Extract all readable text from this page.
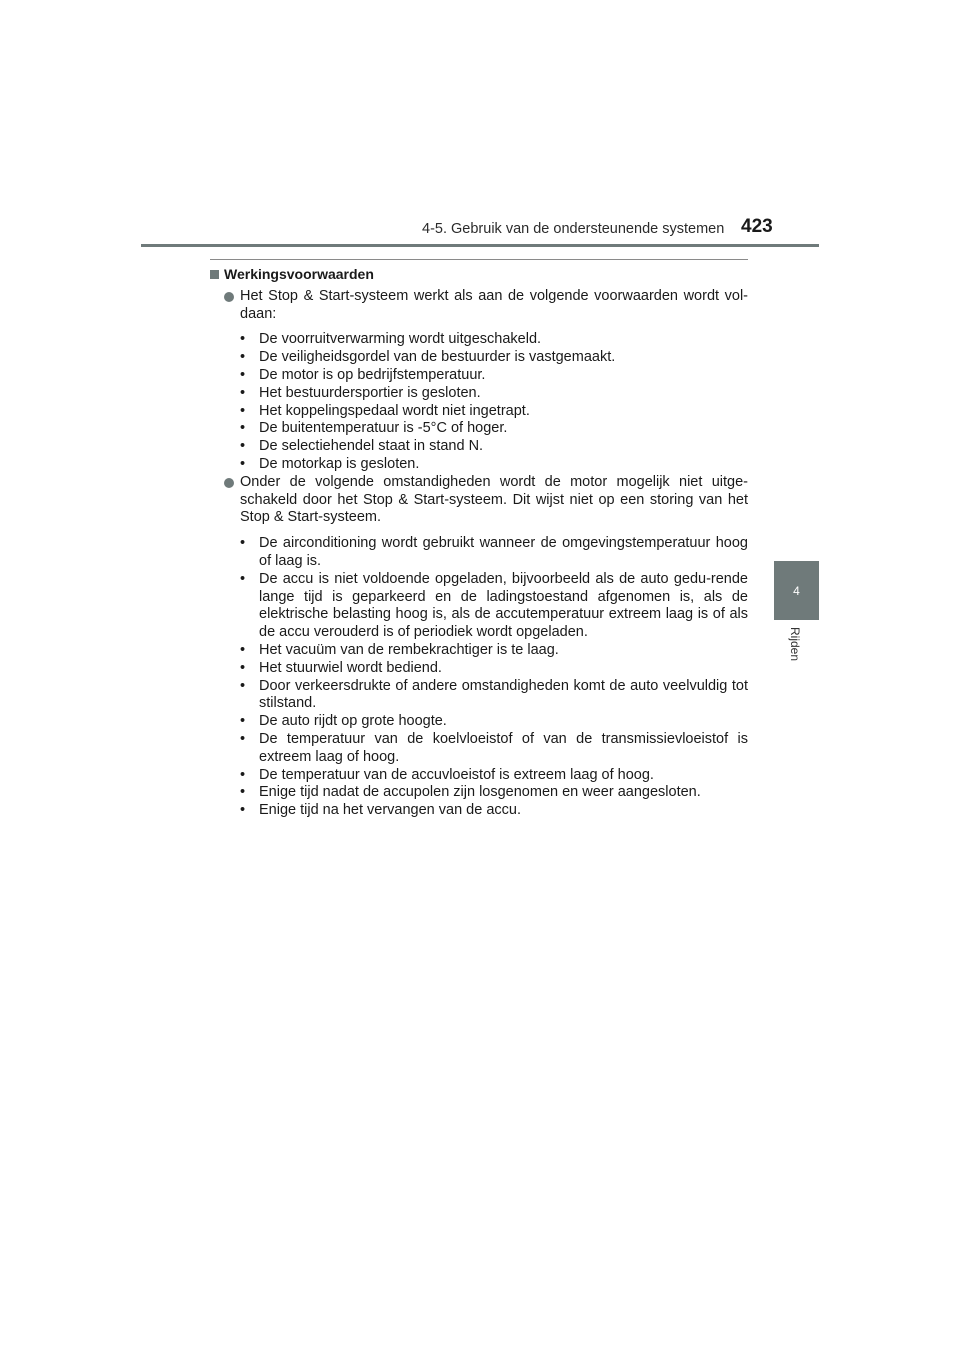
4-5. Gebruik van de ondersteunende systemen 423
4
Rijden
Werkingsvoorwaarden

Het Stop & Start-systeem werkt als aan de volgende voorwaarden wordt vol-daan:

• De voorruitverwarming wordt uitgeschakeld.
• De veiligheidsgordel van de bestuurder is vastgemaakt.
• De motor is op bedrijfstemperatuur.
• Het bestuurdersportier is gesloten.
• Het koppelingspedaal wordt niet ingetrapt.
• De buitentemperatuur is -5°C of hoger.
• De selectiehendel staat in stand N.
• De motorkap is gesloten.

Onder de volgende omstandigheden wordt de motor mogelijk niet uitge-schakeld door het Stop & Start-systeem. Dit wijst niet op een storing van het Stop & Start-systeem.

• De airconditioning wordt gebruikt wanneer de omgevingstemperatuur hoog of laag is.
• De accu is niet voldoende opgeladen, bijvoorbeeld als de auto gedu-rende lange tijd is geparkeerd en de ladingstoestand afgenomen is, als de elektrische belasting hoog is, als de accutemperatuur extreem laag is of als de accu verouderd is of periodiek wordt opgeladen.
• Het vacuüm van de rembekrachtiger is te laag.
• Het stuurwiel wordt bediend.
• Door verkeersdrukte of andere omstandigheden komt de auto veelvuldig tot stilstand.
• De auto rijdt op grote hoogte.
• De temperatuur van de koelvloeistof of van de transmissievloeistof is extreem laag of hoog.
• De temperatuur van de accuvloeistof is extreem laag of hoog.
• Enige tijd nadat de accupolen zijn losgenomen en weer aangesloten.
• Enige tijd na het vervangen van de accu.
